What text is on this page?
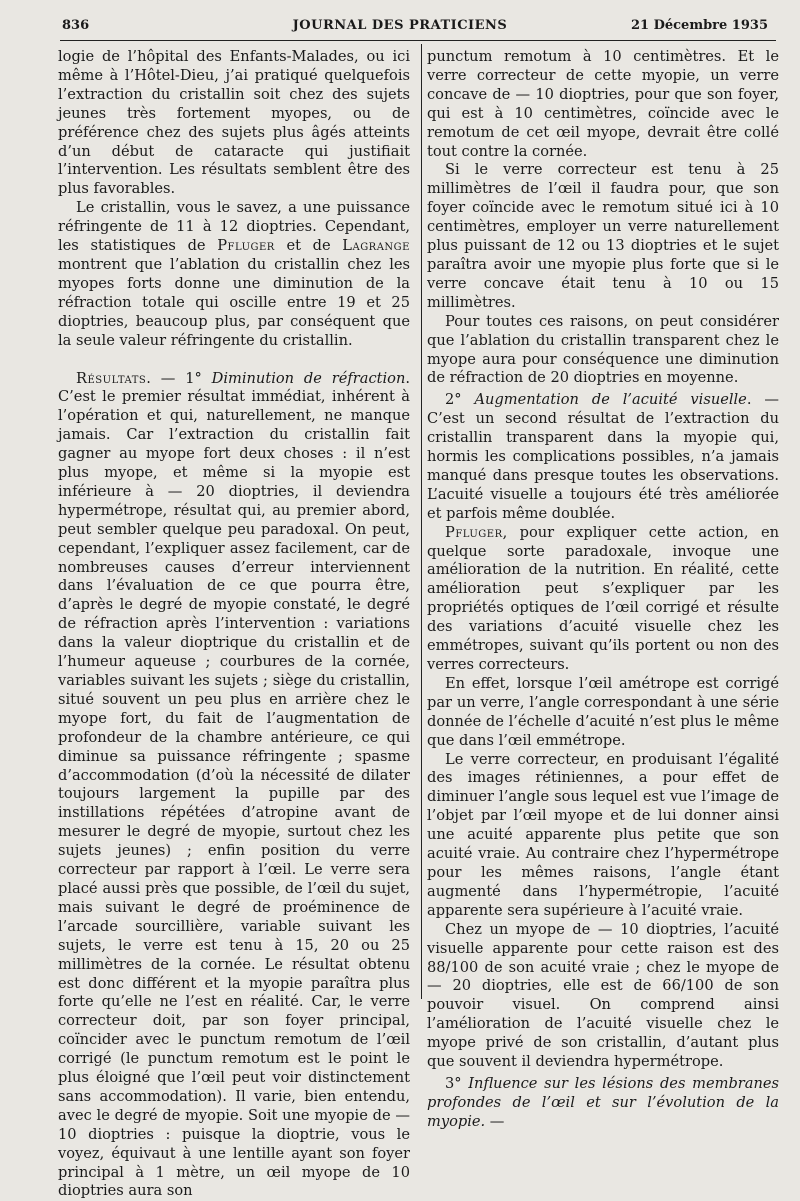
836	JOURNAL DES PRATICIENS	21 Décembre 1935

logie de l’hôpital des Enfants-Malades, ou ici même à l’Hôtel-Dieu, j’ai pratiqué quelquefois l’extraction du cristallin soit chez des sujets jeunes très fortement myopes, ou de préférence chez des sujets plus âgés atteints d’un début de cataracte qui justifiait l’intervention. Les résultats semblent être des plus favorables.

Le cristallin, vous le savez, a une puissance réfringente de 11 à 12 dioptries. Cependant, les statistiques de Pfluger et de Lagrange montrent que l’ablation du cristallin chez les myopes forts donne une diminution de la réfraction totale qui oscille entre 19 et 25 dioptries, beaucoup plus, par conséquent que la seule valeur réfringente du cristallin.

Résultats. — 1° Diminution de réfraction. C’est le premier résultat immédiat, inhérent à l’opération et qui, naturellement, ne manque jamais. Car l’extraction du cristallin fait gagner au myope fort deux choses : il n’est plus myope, et même si la myopie est inférieure à — 20 dioptries, il deviendra hypermétrope, résultat qui, au premier abord, peut sembler quelque peu paradoxal. On peut, cependant, l’expliquer assez facilement, car de nombreuses causes d’erreur interviennent dans l’évaluation de ce que pourra être, d’après le degré de myopie constaté, le degré de réfraction après l’intervention : variations dans la valeur dioptrique du cristallin et de l’humeur aqueuse ; courbures de la cornée, variables suivant les sujets ; siège du cristallin, situé souvent un peu plus en arrière chez le myope fort, du fait de l’augmentation de profondeur de la chambre antérieure, ce qui diminue sa puissance réfringente ; spasme d’accommodation (d’où la nécessité de dilater toujours largement la pupille par des instillations répétées d’atropine avant de mesurer le degré de myopie, surtout chez les sujets jeunes) ; enfin position du verre correcteur par rapport à l’œil. Le verre sera placé aussi près que possible, de l’œil du sujet, mais suivant le degré de proéminence de l’arcade sourcillière, variable suivant les sujets, le verre est tenu à 15, 20 ou 25 millimètres de la cornée. Le résultat obtenu est donc différent et la myopie paraîtra plus forte qu’elle ne l’est en réalité. Car, le verre correcteur doit, par son foyer principal, coïncider avec le punctum remotum de l’œil corrigé (le punctum remotum est le point le plus éloigné que l’œil peut voir distinctement sans accommodation). Il varie, bien entendu, avec le degré de myopie. Soit une myopie de — 10 dioptries : puisque la dioptrie, vous le voyez, équivaut à une lentille ayant son foyer principal à 1 mètre, un œil myope de 10 dioptries aura son

punctum remotum à 10 centimètres. Et le verre correcteur de cette myopie, un verre concave de — 10 dioptries, pour que son foyer, qui est à 10 centimètres, coïncide avec le remotum de cet œil myope, devrait être collé tout contre la cornée.

Si le verre correcteur est tenu à 25 millimètres de l’œil il faudra pour, que son foyer coïncide avec le remotum situé ici à 10 centimètres, employer un verre naturellement plus puissant de 12 ou 13 dioptries et le sujet paraîtra avoir une myopie plus forte que si le verre concave était tenu à 10 ou 15 millimètres.

Pour toutes ces raisons, on peut considérer que l’ablation du cristallin transparent chez le myope aura pour conséquence une diminution de réfraction de 20 dioptries en moyenne.

2° Augmentation de l’acuité visuelle. — C’est un second résultat de l’extraction du cristallin transparent dans la myopie qui, hormis les complications possibles, n’a jamais manqué dans presque toutes les observations. L’acuité visuelle a toujours été très améliorée et parfois même doublée.

Pfluger, pour expliquer cette action, en quelque sorte paradoxale, invoque une amélioration de la nutrition. En réalité, cette amélioration peut s’expliquer par les propriétés optiques de l’œil corrigé et résulte des variations d’acuité visuelle chez les emmétropes, suivant qu’ils portent ou non des verres correcteurs.

En effet, lorsque l’œil amétrope est corrigé par un verre, l’angle correspondant à une série donnée de l’échelle d’acuité n’est plus le même que dans l’œil emmétrope.

Le verre correcteur, en produisant l’égalité des images rétiniennes, a pour effet de diminuer l’angle sous lequel est vue l’image de l’objet par l’œil myope et de lui donner ainsi une acuité apparente plus petite que son acuité vraie. Au contraire chez l’hypermétrope pour les mêmes raisons, l’angle étant augmenté dans l’hypermétropie, l’acuité apparente sera supérieure à l’acuité vraie.

Chez un myope de — 10 dioptries, l’acuité visuelle apparente pour cette raison est des 88/100 de son acuité vraie ; chez le myope de — 20 dioptries, elle est de 66/100 de son pouvoir visuel. On comprend ainsi l’amélioration de l’acuité visuelle chez le myope privé de son cristallin, d’autant plus que souvent il deviendra hypermétrope.

3° Influence sur les lésions des membranes profondes de l’œil et sur l’évolution de la myopie. —
